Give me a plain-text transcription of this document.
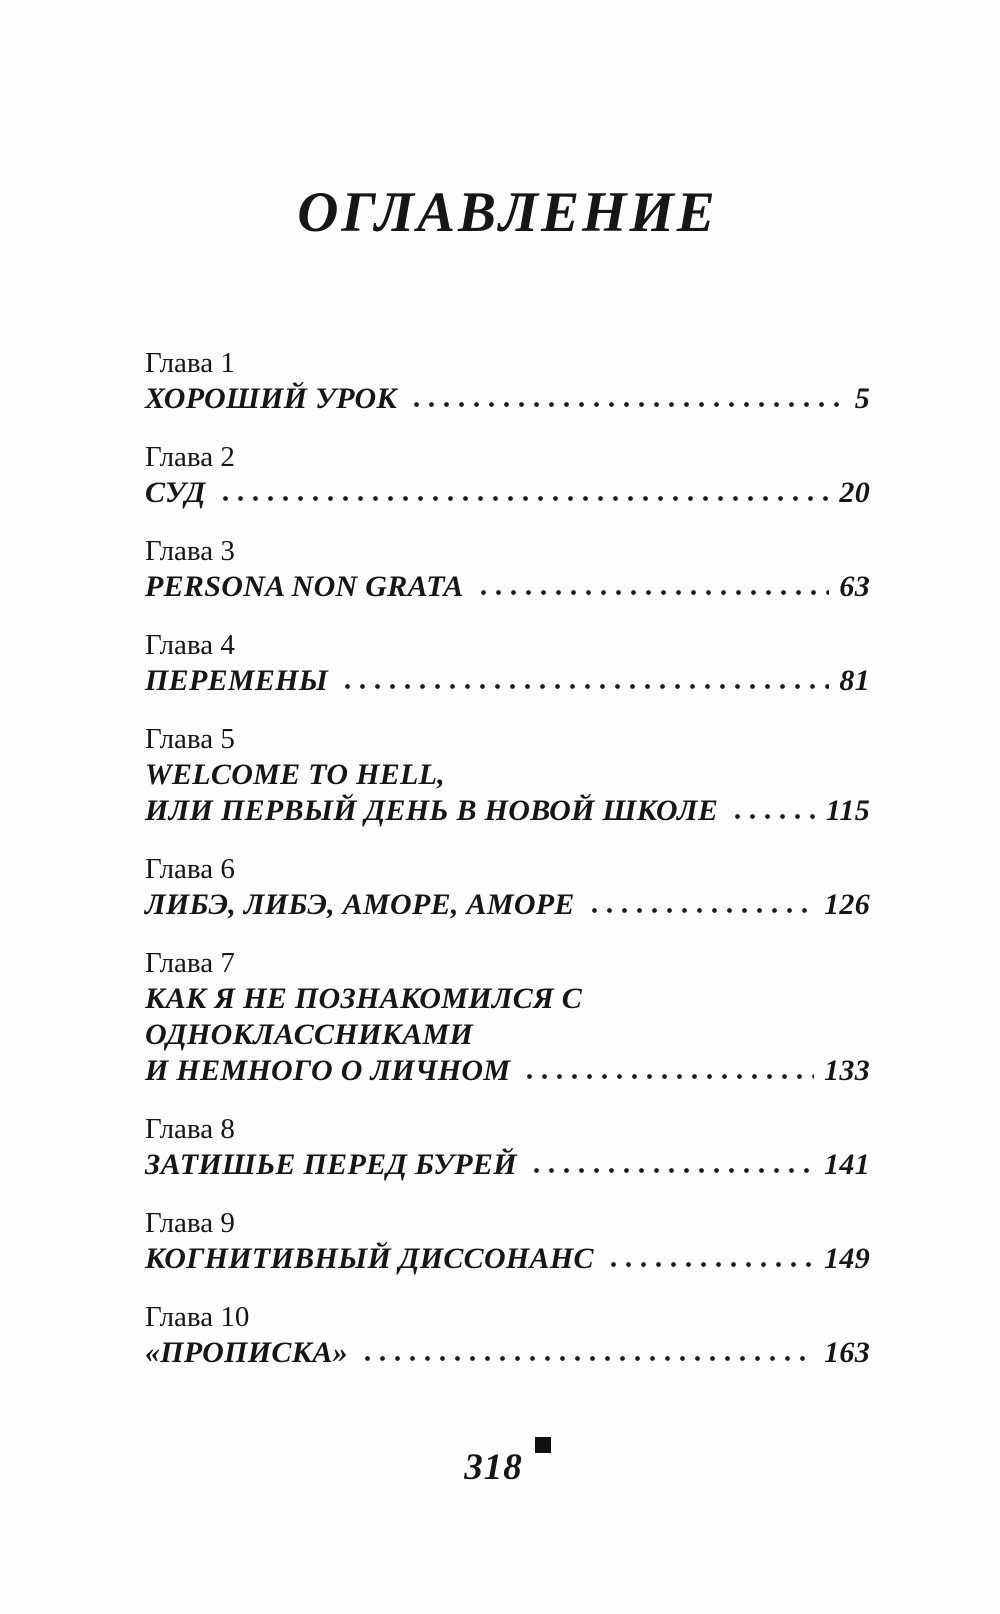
ОГЛАВЛЕНИЕ
Глава 1
ХОРОШИЙ УРОК	5
Глава 2
СУД	20
Глава 3
PERSONA NON GRATA	63
Глава 4
ПЕРЕМЕНЫ	81
Глава 5
WELCOME TO HELL,
ИЛИ ПЕРВЫЙ ДЕНЬ В НОВОЙ ШКОЛЕ	115
Глава 6
ЛИБЭ, ЛИБЭ, АМОРЕ, АМОРЕ	126
Глава 7
КАК Я НЕ ПОЗНАКОМИЛСЯ С ОДНОКЛАССНИКАМИ
И НЕМНОГО О ЛИЧНОМ	133
Глава 8
ЗАТИШЬЕ ПЕРЕД БУРЕЙ	141
Глава 9
КОГНИТИВНЫЙ ДИССОНАНС	149
Глава 10
«ПРОПИСКА»	163
318
